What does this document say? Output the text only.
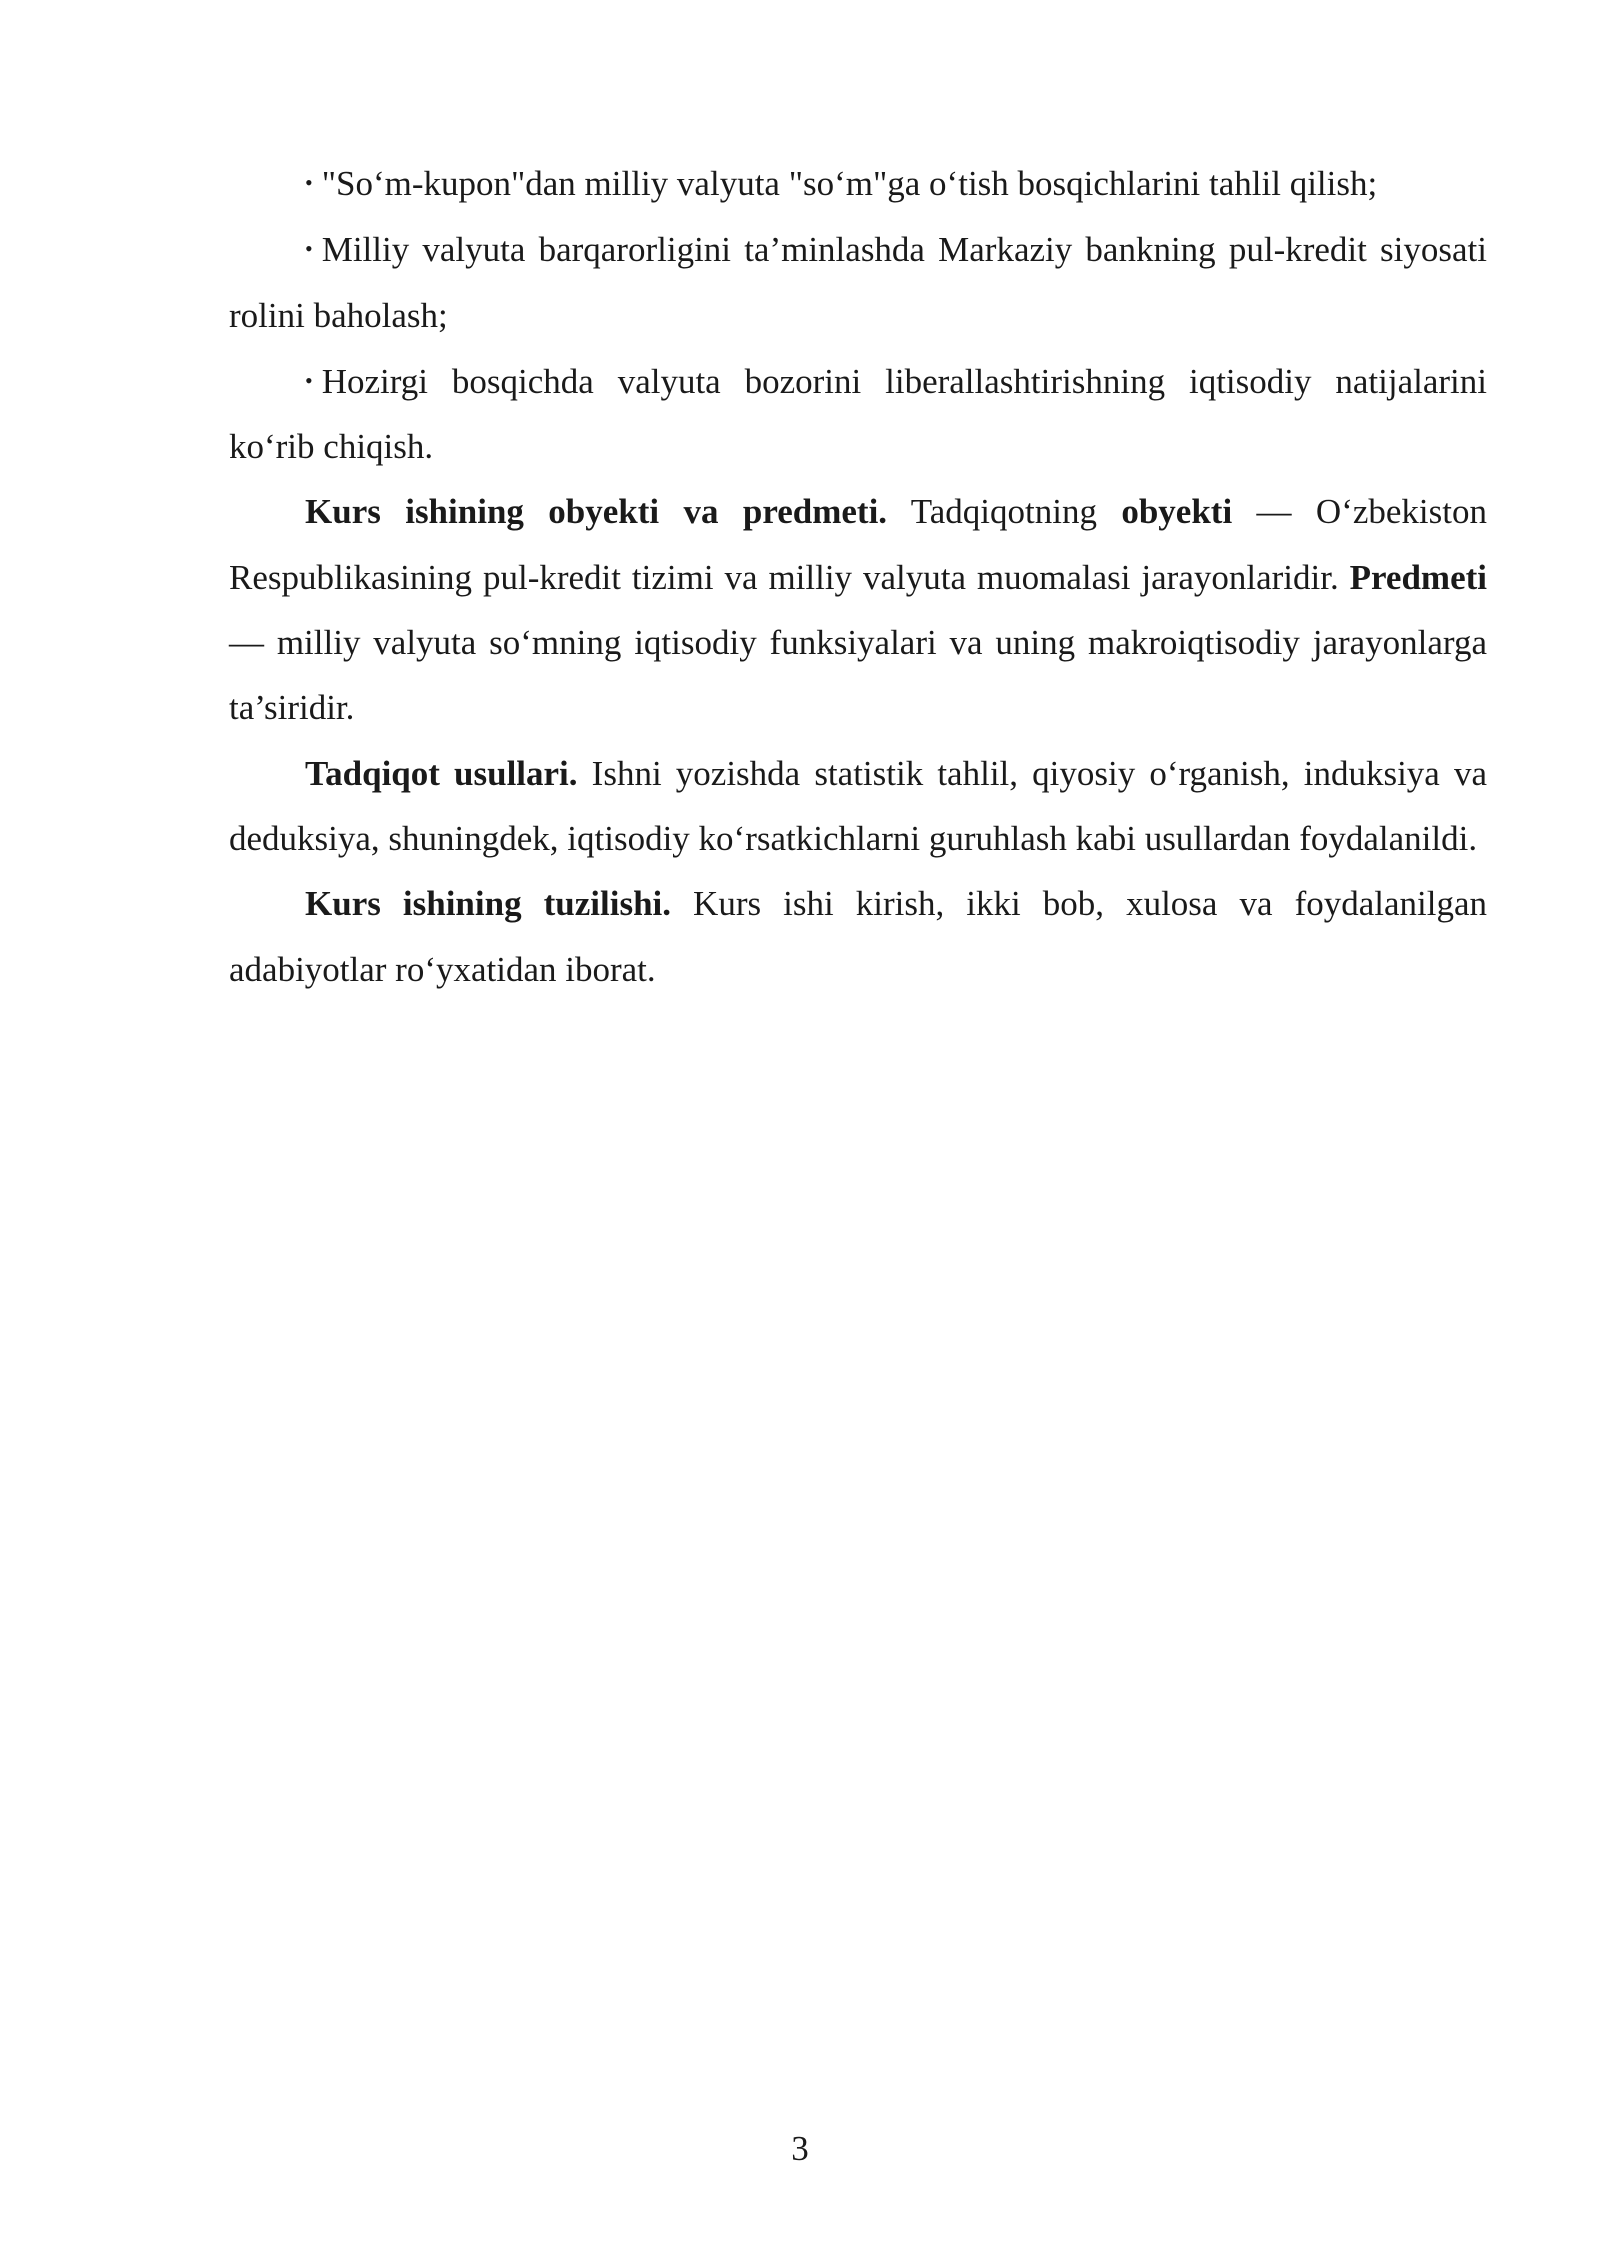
• "So‘m-kupon"dan milliy valyuta "so‘m"ga o‘tish bosqichlarini tahlil qilish;

• Milliy valyuta barqarorligini ta’minlashda Markaziy bankning pul-kredit siyosati rolini baholash;

• Hozirgi bosqichda valyuta bozorini liberallashtirishning iqtisodiy natijalarini ko‘rib chiqish.

Kurs ishining obyekti va predmeti. Tadqiqotning obyekti — O‘zbekiston Respublikasining pul-kredit tizimi va milliy valyuta muomalasi jarayonlaridir. Predmeti — milliy valyuta so‘mning iqtisodiy funksiyalari va uning makroiqtisodiy jarayonlarga ta’siridir.

Tadqiqot usullari. Ishni yozishda statistik tahlil, qiyosiy o‘rganish, induksiya va deduksiya, shuningdek, iqtisodiy ko‘rsatkichlarni guruhlash kabi usullardan foydalanildi.

Kurs ishining tuzilishi. Kurs ishi kirish, ikki bob, xulosa va foydalanilgan adabiyotlar ro‘yxatidan iborat.

3
